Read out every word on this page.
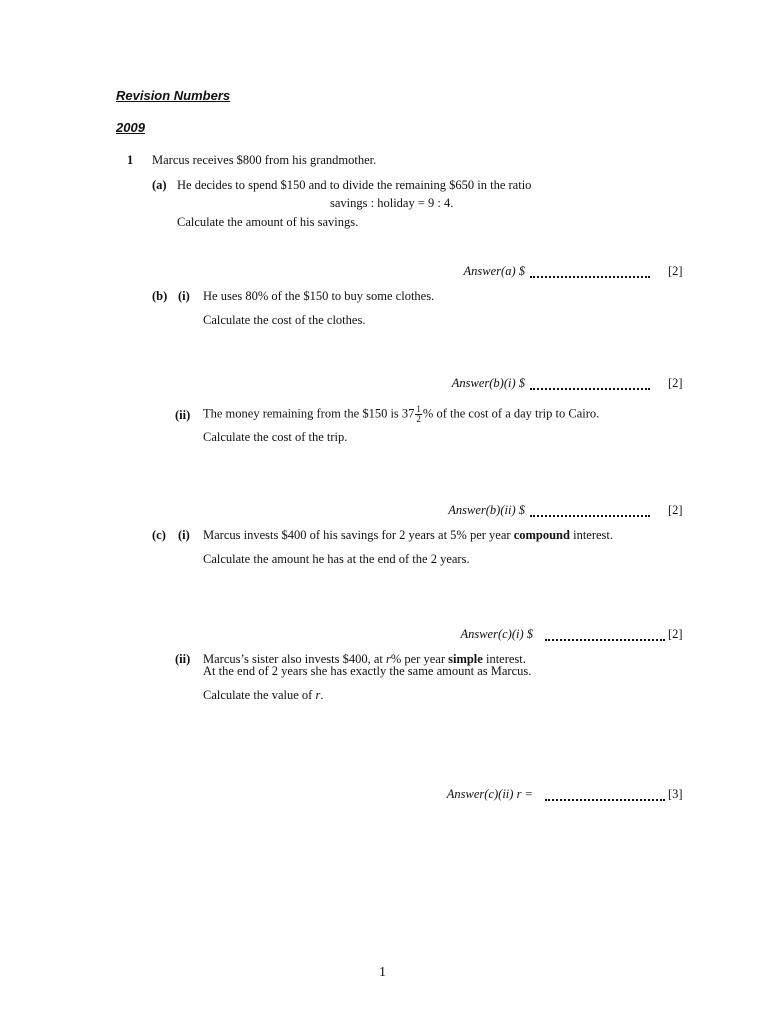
Revision Numbers
2009
1 Marcus receives $800 from his grandmother.
(a) He decides to spend $150 and to divide the remaining $650 in the ratio
savings : holiday = 9 : 4.
Calculate the amount of his savings.
Answer(a) $	[2]
(b) (i) He uses 80% of the $150 to buy some clothes.
Calculate the cost of the clothes.
Answer(b)(i) $	[2]
(ii) The money remaining from the $150 is $37 \frac{1}{2}$ % of the cost of a day trip to Cairo.
Calculate the cost of the trip.
Answer(b)(ii) $	[2]
(c) (i) Marcus invests $400 of his savings for 2 years at 5% per year compound interest.
Calculate the amount he has at the end of the 2 years.
Answer(c)(i) $	[2]
(ii) Marcus’s sister also invests $400, at r% per year simple interest.
At the end of 2 years she has exactly the same amount as Marcus.
Calculate the value of r.
Answer(c)(ii) r =	[3]
1
